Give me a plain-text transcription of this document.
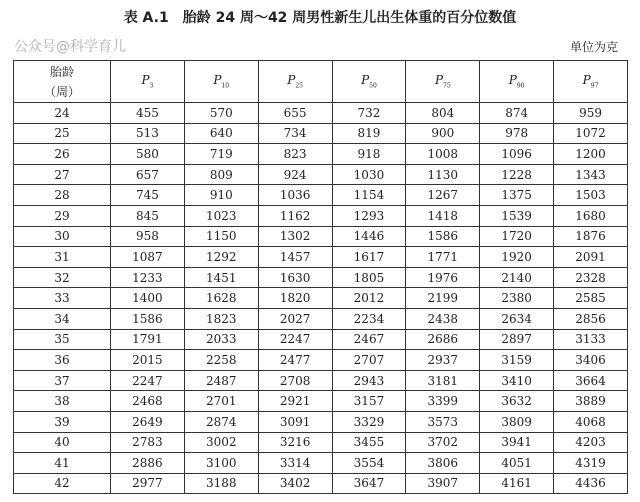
表 A.1　胎龄 24 周～42 周男性新生儿出生体重的百分位数值
单位为克
胎龄
（周）	$P_3$	$P_{10}$	$P_{25}$	$P_{50}$	$P_{75}$	$P_{90}$	$P_{97}$
24	455	570	655	732	804	874	959
25	513	640	734	819	900	978	1072
26	580	719	823	918	1008	1096	1200
27	657	809	924	1030	1130	1228	1343
28	745	910	1036	1154	1267	1375	1503
29	845	1023	1162	1293	1418	1539	1680
30	958	1150	1302	1446	1586	1720	1876
31	1087	1292	1457	1617	1771	1920	2091
32	1233	1451	1630	1805	1976	2140	2328
33	1400	1628	1820	2012	2199	2380	2585
34	1586	1823	2027	2234	2438	2634	2856
35	1791	2033	2247	2467	2686	2897	3133
36	2015	2258	2477	2707	2937	3159	3406
37	2247	2487	2708	2943	3181	3410	3664
38	2468	2701	2921	3157	3399	3632	3889
39	2649	2874	3091	3329	3573	3809	4068
40	2783	3002	3216	3455	3702	3941	4203
41	2886	3100	3314	3554	3806	4051	4319
42	2977	3188	3402	3647	3907	4161	4436
公众号@科学育儿
